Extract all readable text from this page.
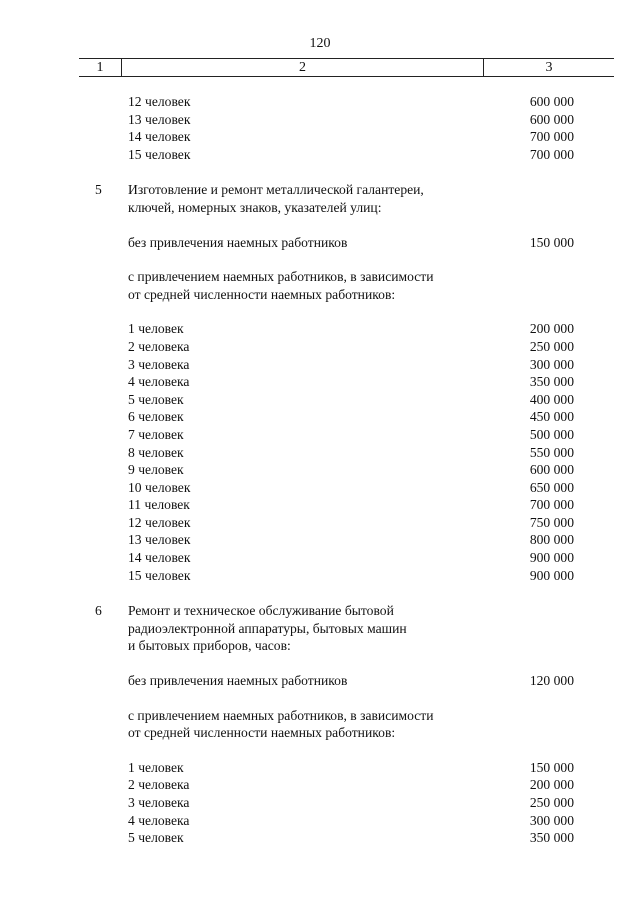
120
1	2	3
12 человек	600 000
13 человек	600 000
14 человек	700 000
15 человек	700 000
5 Изготовление и ремонт металлической галантереи,
ключей, номерных знаков, указателей улиц:
без привлечения наемных работников	150 000
с привлечением наемных работников, в зависимости
от средней численности наемных работников:
1 человек	200 000
2 человека	250 000
3 человека	300 000
4 человека	350 000
5 человек	400 000
6 человек	450 000
7 человек	500 000
8 человек	550 000
9 человек	600 000
10 человек	650 000
11 человек	700 000
12 человек	750 000
13 человек	800 000
14 человек	900 000
15 человек	900 000
6 Ремонт и техническое обслуживание бытовой
радиоэлектронной аппаратуры, бытовых машин
и бытовых приборов, часов:
без привлечения наемных работников	120 000
с привлечением наемных работников, в зависимости
от средней численности наемных работников:
1 человек	150 000
2 человека	200 000
3 человека	250 000
4 человека	300 000
5 человек	350 000
